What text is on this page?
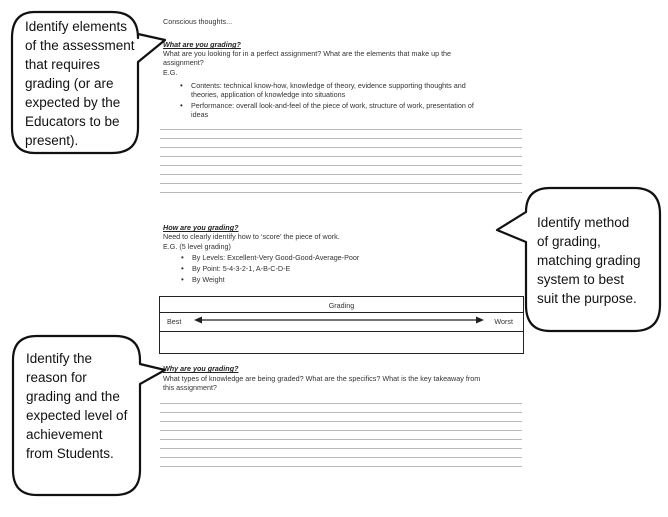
Conscious thoughts...
What are you grading?
What are you looking for in a perfect assignment? What are the elements that make up the
assignment?
E.G.
• Contents: technical know-how, knowledge of theory, evidence supporting thoughts and
theories, application of knowledge into situations
• Performance: overall look-and-feel of the piece of work, structure of work, presentation of
ideas
How are you grading?
Need to clearly identify how to ‘score’ the piece of work.
E.G. (5 level grading)
• By Levels: Excellent-Very Good-Good-Average-Poor
• By Point: 5-4-3-2-1, A-B-C-D-E
• By Weight
Grading
Best	Worst
Why are you grading?
What types of knowledge are being graded? What are the specifics? What is the key takeaway from
this assignment?
Identify elements
of the assessment
that requires
grading (or are
expected by the
Educators to be
present).
Identify method
of grading,
matching grading
system to best
suit the purpose.
Identify the
reason for
grading and the
expected level of
achievement
from Students.
